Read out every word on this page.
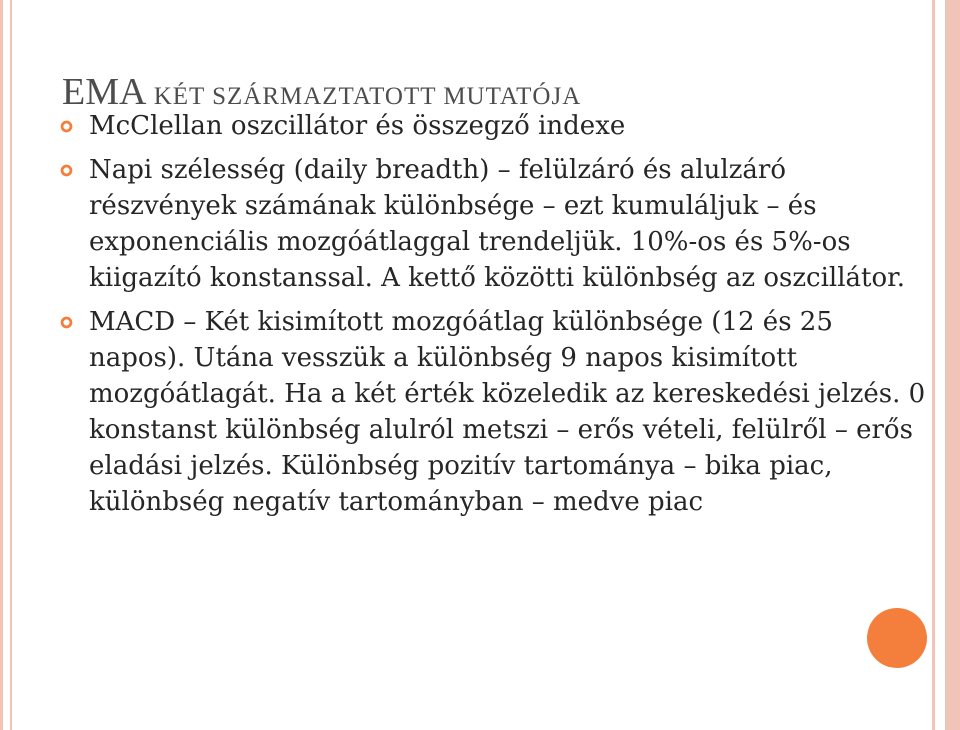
EMA KÉT SZÁRMAZTATOTT MUTATÓJA
McClellan oszcillátor és összegző indexe
Napi szélesség (daily breadth) – felülzáró és alulzáró részvények számának különbsége – ezt kumuláljuk – és exponenciális mozgóátlaggal trendeljük. 10%-os és 5%-os kiigazító konstanssal. A kettő közötti különbség az oszcillátor.
MACD – Két kisimított mozgóátlag különbsége (12 és 25 napos). Utána vesszük a különbség 9 napos kisimított mozgóátlagát. Ha a két érték közeledik az kereskedési jelzés. 0 konstanst különbség alulról metszi – erős vételi, felülről – erős eladási jelzés. Különbség pozitív tartománya – bika piac, különbség negatív tartományban – medve piac
